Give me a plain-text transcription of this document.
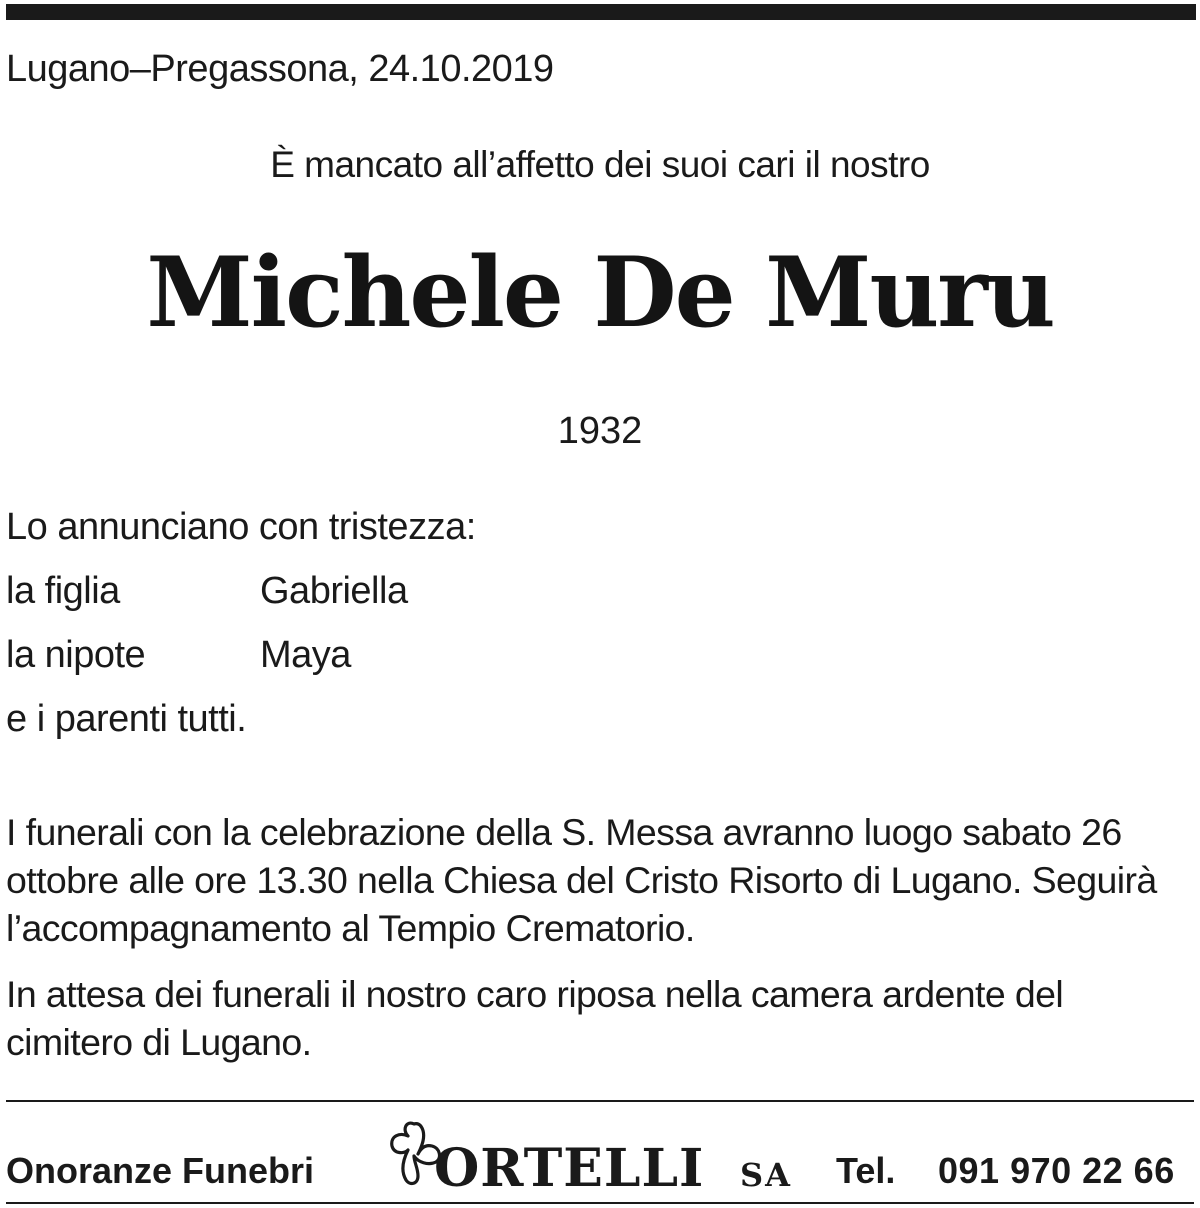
Lugano–Pregassona, 24.10.2019
È mancato all’affetto dei suoi cari il nostro
Michele De Muru
1932
Lo annunciano con tristezza:
la figlia	Gabriella
la nipote	Maya
e i parenti tutti.
I funerali con la celebrazione della S. Messa avranno luogo sabato 26 ottobre alle ore 13.30 nella Chiesa del Cristo Risorto di Lugano. Seguirà l’accompagnamento al Tempio Crematorio.
In attesa dei funerali il nostro caro riposa nella camera ardente del cimitero di Lugano.
Onoranze Funebri ORTELLI SA Tel. 091 970 22 66
